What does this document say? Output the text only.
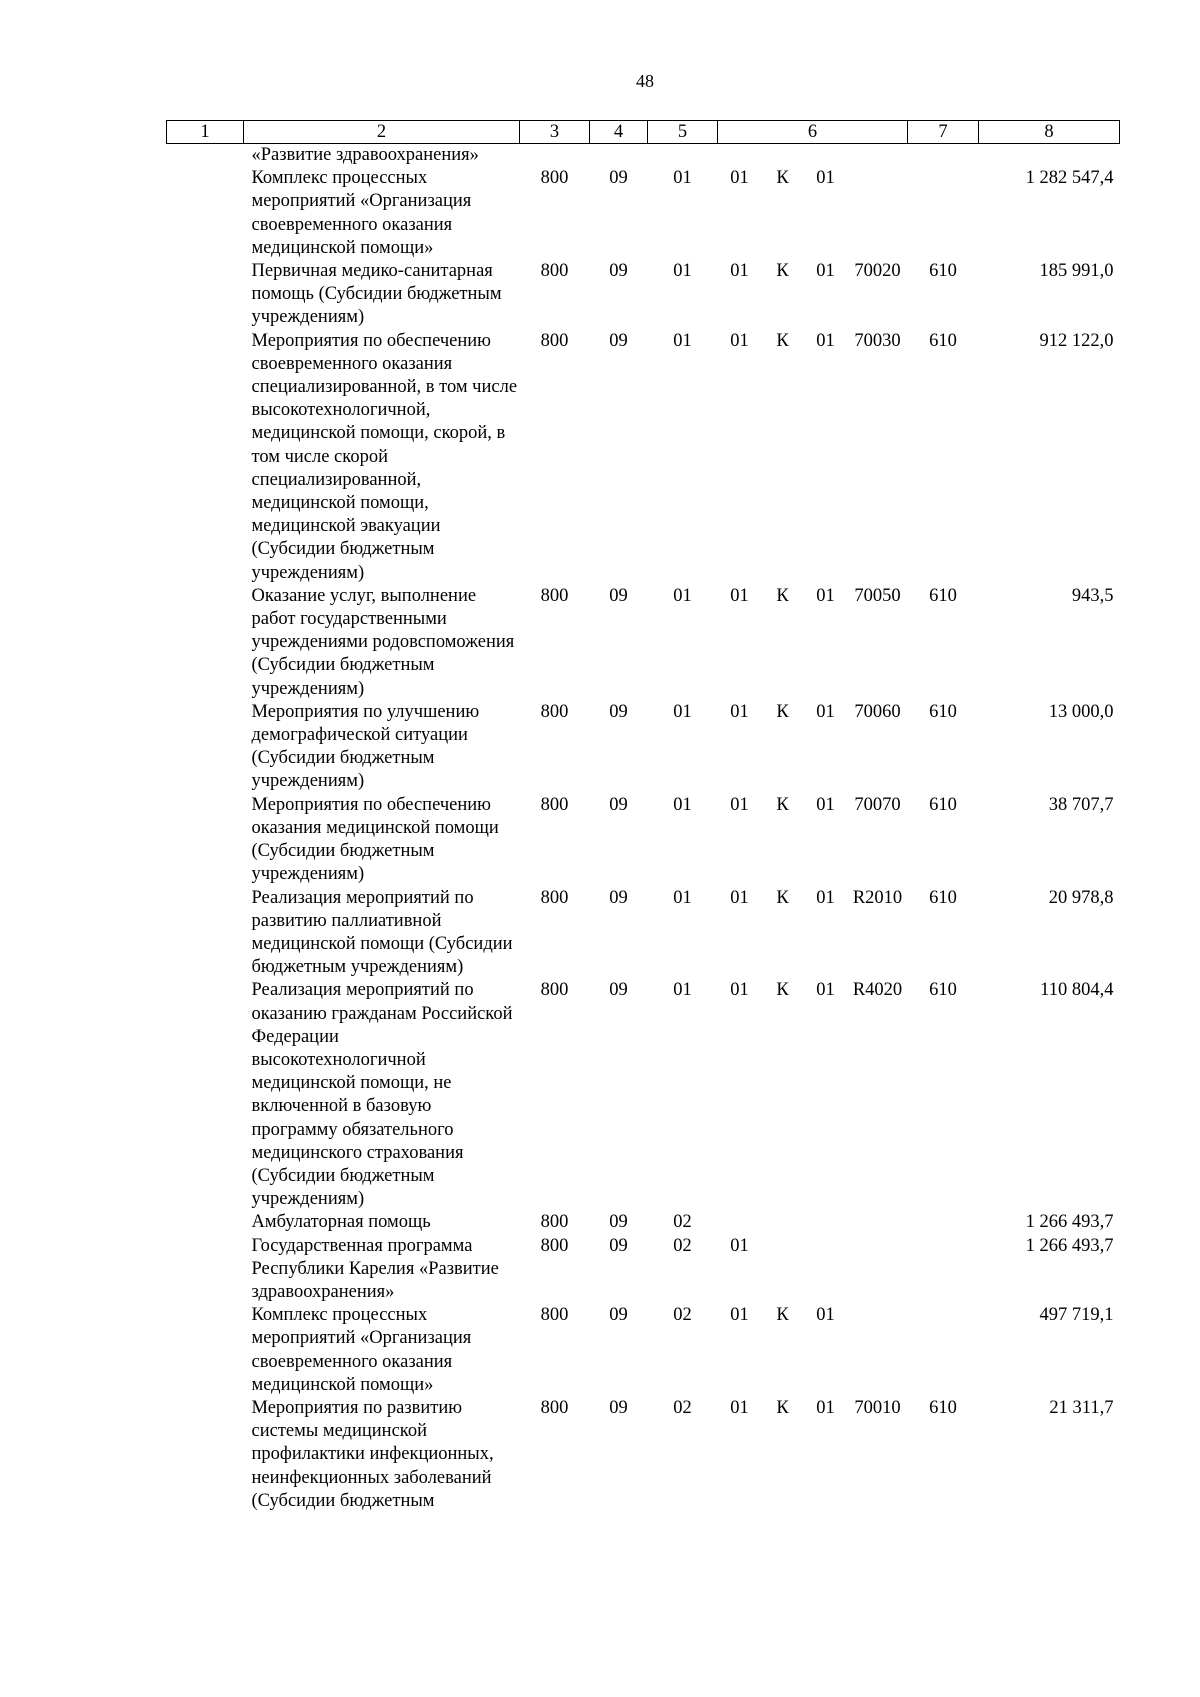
48
1	2	3	4	5	6				7	8
	«Развитие здравоохранения»									
	Комплекс процессных мероприятий «Организация своевременного оказания медицинской помощи»	800	09	01	01	К	01			1 282 547,4
	Первичная медико-санитарная помощь (Субсидии бюджетным учреждениям)	800	09	01	01	К	01	70020	610	185 991,0
	Мероприятия по обеспечению своевременного оказания специализированной, в том числе высокотехнологичной, медицинской помощи, скорой, в том числе скорой специализированной, медицинской помощи, медицинской эвакуации (Субсидии бюджетным учреждениям)	800	09	01	01	К	01	70030	610	912 122,0
	Оказание услуг, выполнение работ государственными учреждениями родовспоможения (Субсидии бюджетным учреждениям)	800	09	01	01	К	01	70050	610	943,5
	Мероприятия по улучшению демографической ситуации (Субсидии бюджетным учреждениям)	800	09	01	01	К	01	70060	610	13 000,0
	Мероприятия по обеспечению оказания медицинской помощи (Субсидии бюджетным учреждениям)	800	09	01	01	К	01	70070	610	38 707,7
	Реализация мероприятий по развитию паллиативной медицинской помощи (Субсидии бюджетным учреждениям)	800	09	01	01	К	01	R2010	610	20 978,8
	Реализация мероприятий по оказанию гражданам Российской Федерации высокотехнологичной медицинской помощи, не включенной в базовую программу обязательного медицинского страхования (Субсидии бюджетным учреждениям)	800	09	01	01	К	01	R4020	610	110 804,4
	Амбулаторная помощь	800	09	02						1 266 493,7
	Государственная программа Республики Карелия «Развитие здравоохранения»	800	09	02	01					1 266 493,7
	Комплекс процессных мероприятий «Организация своевременного оказания медицинской помощи»	800	09	02	01	К	01			497 719,1
	Мероприятия по развитию системы медицинской профилактики инфекционных, неинфекционных заболеваний (Субсидии бюджетным	800	09	02	01	К	01	70010	610	21 311,7
